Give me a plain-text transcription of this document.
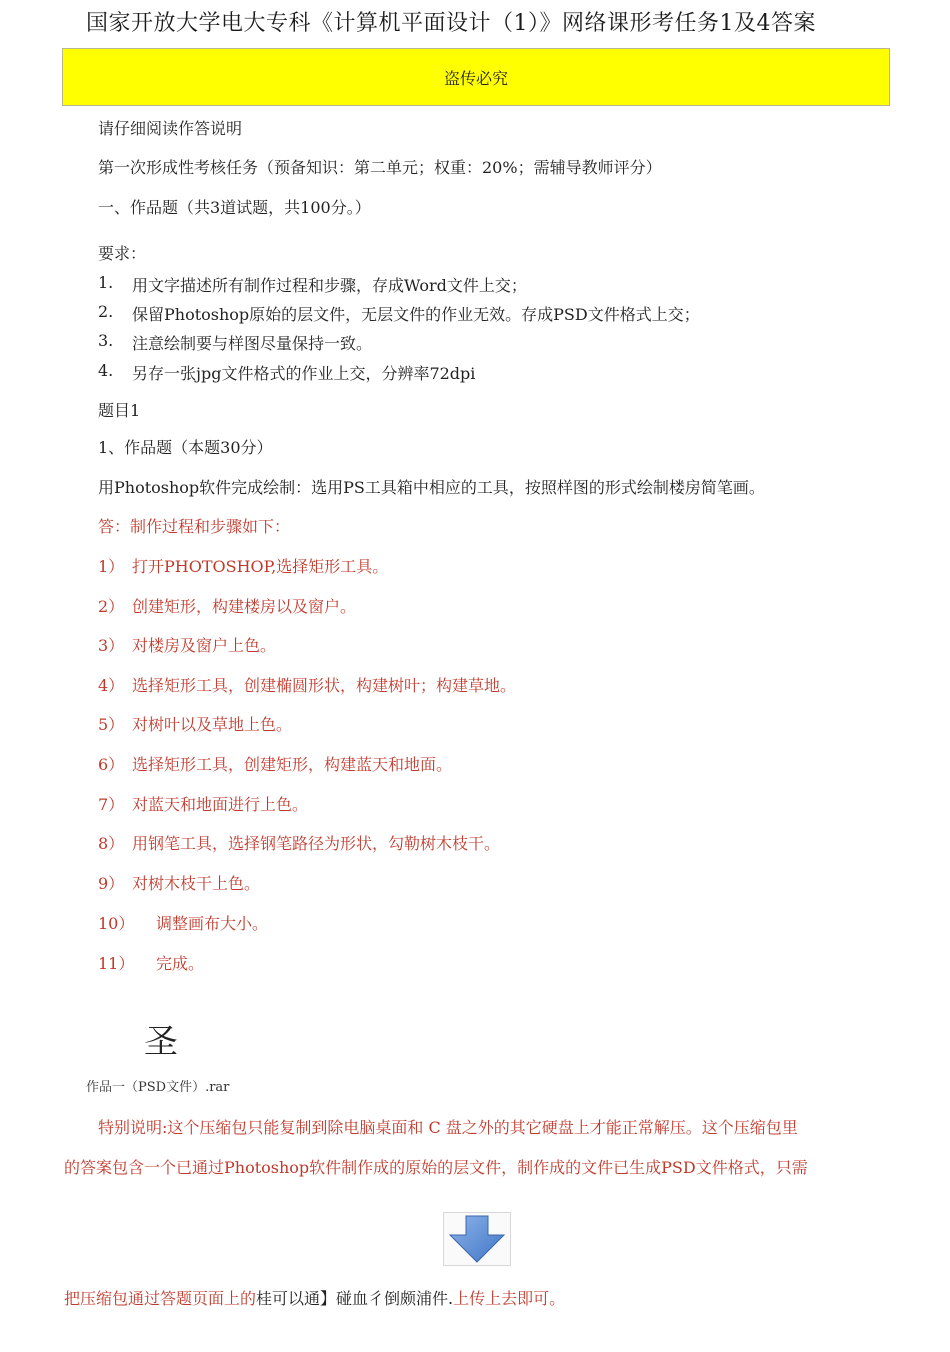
国家开放大学电大专科《计算机平面设计（1）》网络课形考任务1及4答案
盗传必究
请仔细阅读作答说明
第一次形成性考核任务（预备知识：第二单元；权重：20%；需辅导教师评分）
一、作品题（共3道试题，共100分。）
要求：
1. 用文字描述所有制作过程和步骤，存成Word文件上交；
2. 保留Photoshop原始的层文件，无层文件的作业无效。存成PSD文件格式上交；
3. 注意绘制要与样图尽量保持一致。
4. 另存一张jpg文件格式的作业上交，分辨率72dpi
题目1
1、作品题（本题30分）
用Photoshop软件完成绘制：选用PS工具箱中相应的工具，按照样图的形式绘制楼房简笔画。
答：制作过程和步骤如下：
1） 打开PHOTOSHOP,选择矩形工具。
2） 创建矩形，构建楼房以及窗户。
3） 对楼房及窗户上色。
4） 选择矩形工具，创建椭圆形状，构建树叶；构建草地。
5） 对树叶以及草地上色。
6） 选择矩形工具，创建矩形，构建蓝天和地面。
7） 对蓝天和地面进行上色。
8） 用钢笔工具，选择钢笔路径为形状，勾勒树木枝干。
9） 对树木枝干上色。
10） 调整画布大小。
11） 完成。
圣
作品一（PSD文件）.rar
特别说明:这个压缩包只能复制到除电脑桌面和 C 盘之外的其它硬盘上才能正常解压。这个压缩包里
的答案包含一个已通过Photoshop软件制作成的原始的层文件，制作成的文件已生成PSD文件格式，只需
把压缩包通过答题页面上的桂可以通】碰血彳倒颇浦件.上传上去即可。
